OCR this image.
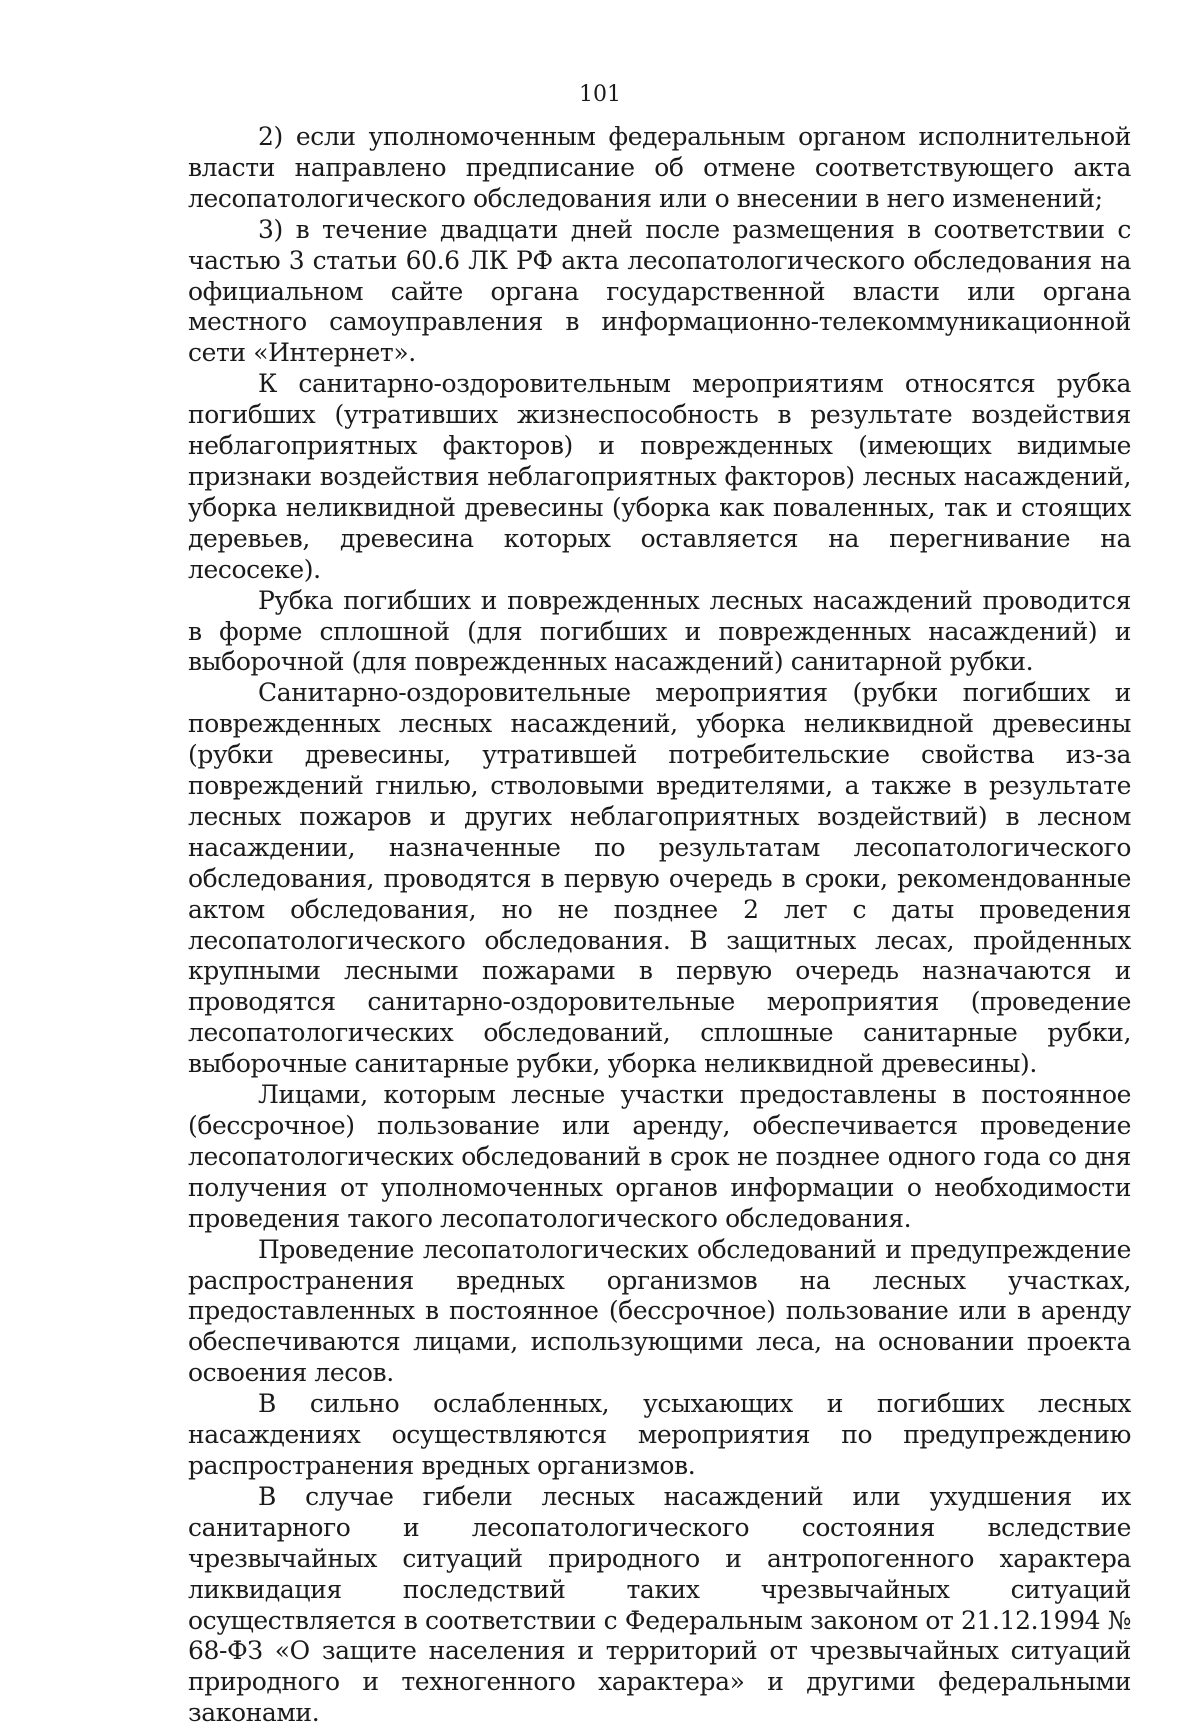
101

2) если уполномоченным федеральным органом исполнительной власти направлено предписание об отмене соответствующего акта лесопатологического обследования или о внесении в него изменений;

3) в течение двадцати дней после размещения в соответствии с частью 3 статьи 60.6 ЛК РФ акта лесопатологического обследования на официальном сайте органа государственной власти или органа местного самоуправления в информационно-телекоммуникационной сети «Интернет».

К санитарно-оздоровительным мероприятиям относятся рубка погибших (утративших жизнеспособность в результате воздействия неблагоприятных факторов) и поврежденных (имеющих видимые признаки воздействия неблагоприятных факторов) лесных насаждений, уборка неликвидной древесины (уборка как поваленных, так и стоящих деревьев, древесина которых оставляется на перегнивание на лесосеке).

Рубка погибших и поврежденных лесных насаждений проводится в форме сплошной (для погибших и поврежденных насаждений) и выборочной (для поврежденных насаждений) санитарной рубки.

Санитарно-оздоровительные мероприятия (рубки погибших и поврежденных лесных насаждений, уборка неликвидной древесины (рубки древесины, утратившей потребительские свойства из-за повреждений гнилью, стволовыми вредителями, а также в результате лесных пожаров и других неблагоприятных воздействий) в лесном насаждении, назначенные по результатам лесопатологического обследования, проводятся в первую очередь в сроки, рекомендованные актом обследования, но не позднее 2 лет с даты проведения лесопатологического обследования. В защитных лесах, пройденных крупными лесными пожарами в первую очередь назначаются и проводятся санитарно-оздоровительные мероприятия (проведение лесопатологических обследований, сплошные санитарные рубки, выборочные санитарные рубки, уборка неликвидной древесины).

Лицами, которым лесные участки предоставлены в постоянное (бессрочное) пользование или аренду, обеспечивается проведение лесопатологических обследований в срок не позднее одного года со дня получения от уполномоченных органов информации о необходимости проведения такого лесопатологического обследования.

Проведение лесопатологических обследований и предупреждение распространения вредных организмов на лесных участках, предоставленных в постоянное (бессрочное) пользование или в аренду обеспечиваются лицами, использующими леса, на основании проекта освоения лесов.

В сильно ослабленных, усыхающих и погибших лесных насаждениях осуществляются мероприятия по предупреждению распространения вредных организмов.

В случае гибели лесных насаждений или ухудшения их санитарного и лесопатологического состояния вследствие чрезвычайных ситуаций природного и антропогенного характера ликвидация последствий таких чрезвычайных ситуаций осуществляется в соответствии с Федеральным законом от 21.12.1994 № 68-ФЗ «О защите населения и территорий от чрезвычайных ситуаций природного и техногенного характера» и другими федеральными законами.
